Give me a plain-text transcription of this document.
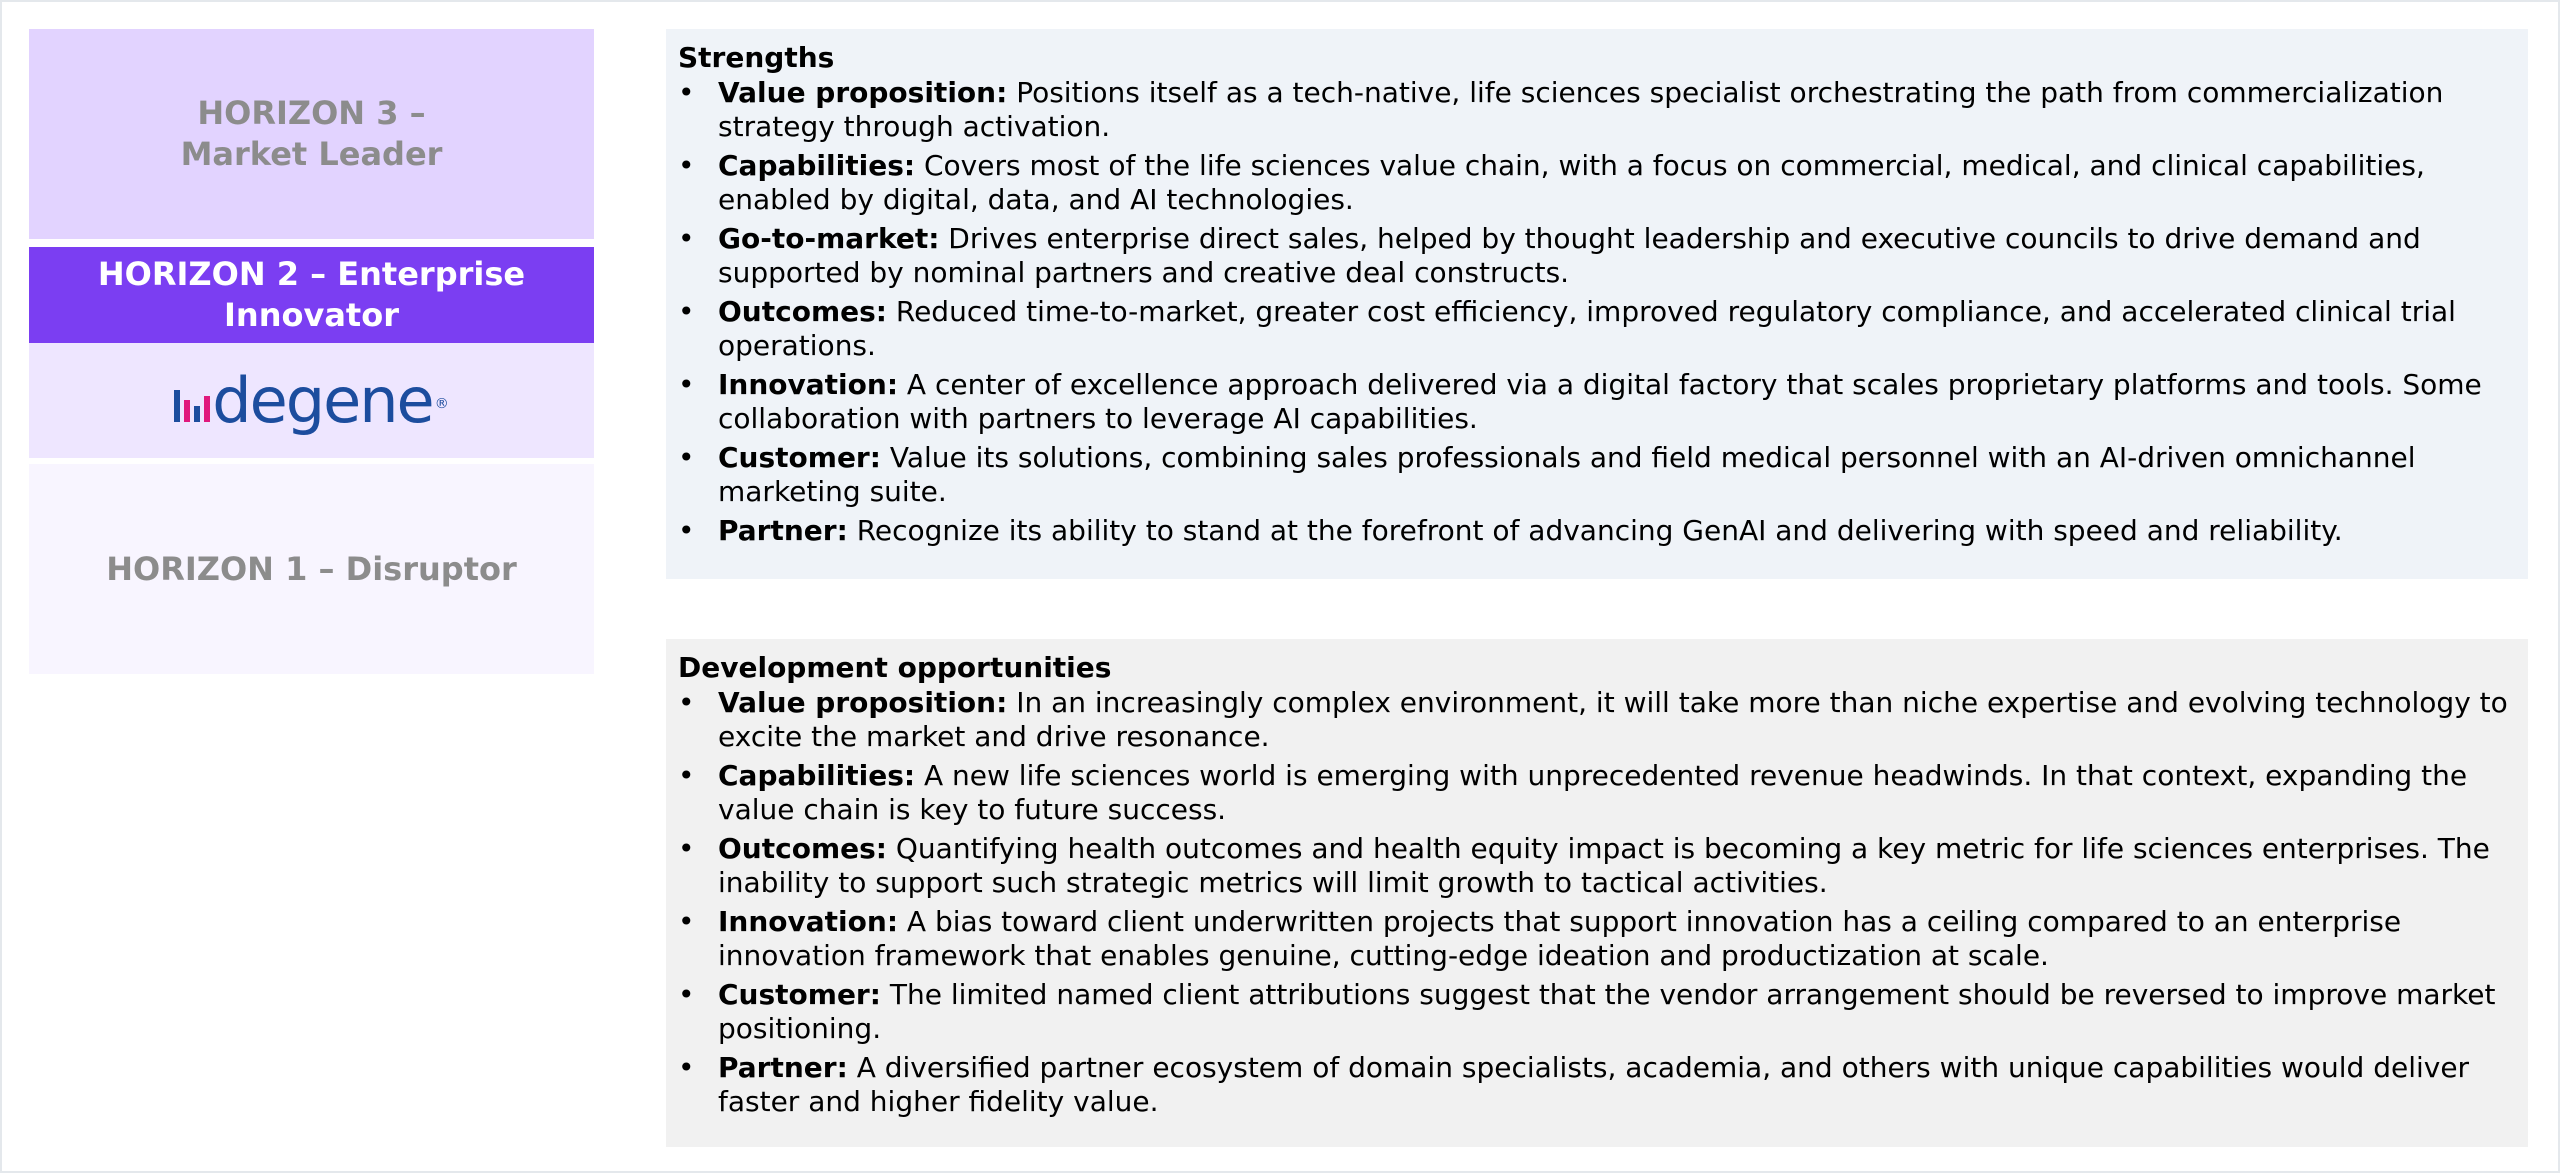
HORIZON 3 –
Market Leader
HORIZON 2 – Enterprise
Innovator
degene ®
HORIZON 1 – Disruptor
Strengths
• Value proposition: Positions itself as a tech-native, life sciences specialist orchestrating the path from commercialization strategy through activation.
• Capabilities: Covers most of the life sciences value chain, with a focus on commercial, medical, and clinical capabilities, enabled by digital, data, and AI technologies.
• Go-to-market: Drives enterprise direct sales, helped by thought leadership and executive councils to drive demand and supported by nominal partners and creative deal constructs.
• Outcomes: Reduced time-to-market, greater cost efficiency, improved regulatory compliance, and accelerated clinical trial operations.
• Innovation: A center of excellence approach delivered via a digital factory that scales proprietary platforms and tools. Some collaboration with partners to leverage AI capabilities.
• Customer: Value its solutions, combining sales professionals and field medical personnel with an AI-driven omnichannel marketing suite.
• Partner: Recognize its ability to stand at the forefront of advancing GenAI and delivering with speed and reliability.
Development opportunities
• Value proposition: In an increasingly complex environment, it will take more than niche expertise and evolving technology to excite the market and drive resonance.
• Capabilities: A new life sciences world is emerging with unprecedented revenue headwinds. In that context, expanding the value chain is key to future success.
• Outcomes: Quantifying health outcomes and health equity impact is becoming a key metric for life sciences enterprises. The inability to support such strategic metrics will limit growth to tactical activities.
• Innovation: A bias toward client underwritten projects that support innovation has a ceiling compared to an enterprise innovation framework that enables genuine, cutting-edge ideation and productization at scale.
• Customer: The limited named client attributions suggest that the vendor arrangement should be reversed to improve market positioning.
• Partner: A diversified partner ecosystem of domain specialists, academia, and others with unique capabilities would deliver faster and higher fidelity value.
